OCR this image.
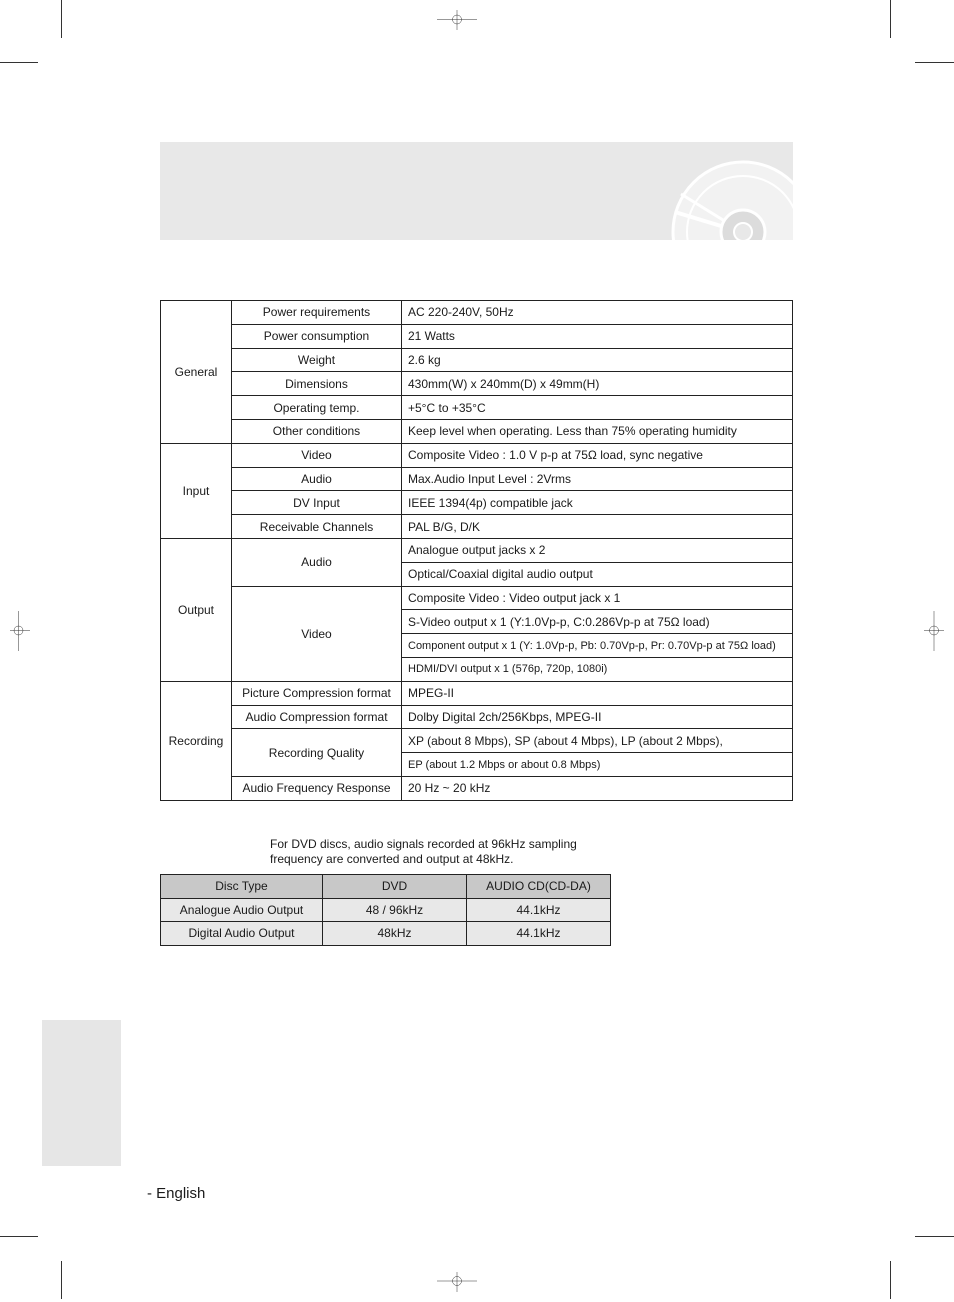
General	Power requirements	AC 220-240V, 50Hz
	Power consumption	21 Watts
	Weight	2.6 kg
	Dimensions	430mm(W) x 240mm(D) x 49mm(H)
	Operating temp.	+5°C to +35°C
	Other conditions	Keep level when operating. Less than 75% operating humidity
Input	Video	Composite Video : 1.0 V p-p at 75Ω load, sync negative
	Audio	Max.Audio Input Level : 2Vrms
	DV Input	IEEE 1394(4p) compatible jack
	Receivable Channels	PAL B/G, D/K
Output	Audio	Analogue output jacks x 2
		Optical/Coaxial digital audio output
	Video	Composite Video : Video output jack x 1
		S-Video output x 1 (Y:1.0Vp-p, C:0.286Vp-p at 75Ω load)
		Component output x 1 (Y: 1.0Vp-p, Pb: 0.70Vp-p, Pr: 0.70Vp-p at 75Ω load)
		HDMI/DVI output x 1 (576p, 720p, 1080i)
Recording	Picture Compression format	MPEG-II
	Audio Compression format	Dolby Digital 2ch/256Kbps, MPEG-II
	Recording Quality	XP (about 8 Mbps), SP (about 4 Mbps), LP (about 2 Mbps),
		EP (about 1.2 Mbps or about 0.8 Mbps)
	Audio Frequency Response	20 Hz ~ 20 kHz
For DVD discs, audio signals recorded at 96kHz sampling
frequency are converted and output at 48kHz.
Disc Type	DVD	AUDIO CD(CD-DA)
Analogue Audio Output	48 / 96kHz	44.1kHz
Digital Audio Output	48kHz	44.1kHz
- English
